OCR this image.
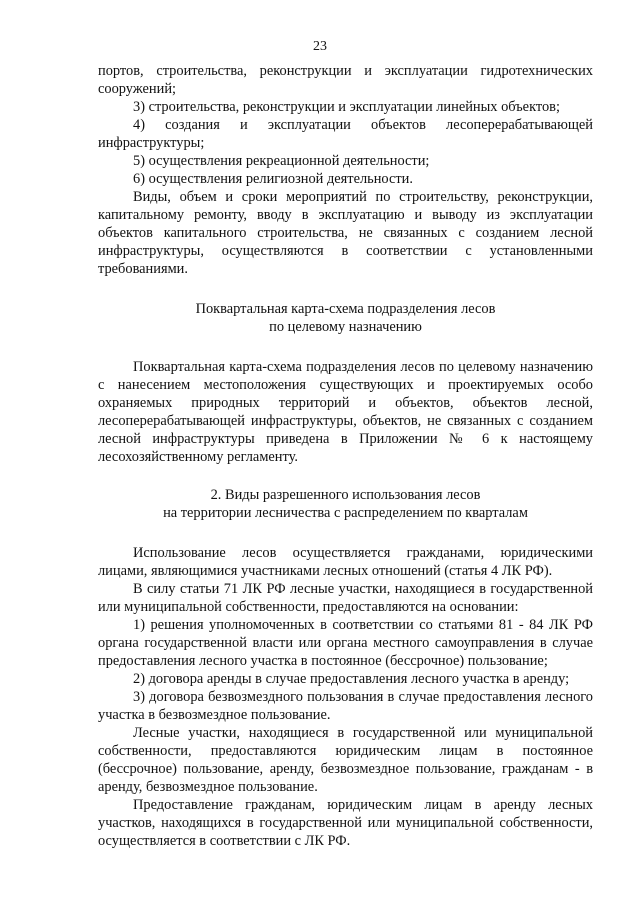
23

портов, строительства, реконструкции и эксплуатации гидротехнических сооружений;

3) строительства, реконструкции и эксплуатации линейных объектов;

4) создания и эксплуатации объектов лесоперерабатывающей инфраструктуры;

5) осуществления рекреационной деятельности;

6) осуществления религиозной деятельности.

Виды, объем и сроки мероприятий по строительству, реконструкции, капитальному ремонту, вводу в эксплуатацию и выводу из эксплуатации объектов капитального строительства, не связанных с созданием лесной инфраструктуры, осуществляются в соответствии с установленными требованиями.

Поквартальная карта-схема подразделения лесов

по целевому назначению

Поквартальная карта-схема подразделения лесов по целевому назначению с нанесением местоположения существующих и проектируемых особо охраняемых природных территорий и объектов, объектов лесной, лесоперерабатывающей инфраструктуры, объектов, не связанных с созданием лесной инфраструктуры приведена в Приложении № 6 к настоящему лесохозяйственному регламенту.

2. Виды разрешенного использования лесов

на территории лесничества с распределением по кварталам

Использование лесов осуществляется гражданами, юридическими лицами, являющимися участниками лесных отношений (статья 4 ЛК РФ).

В силу статьи 71 ЛК РФ лесные участки, находящиеся в государственной или муниципальной собственности, предоставляются на основании:

1) решения уполномоченных в соответствии со статьями 81 - 84 ЛК РФ органа государственной власти или органа местного самоуправления в случае предоставления лесного участка в постоянное (бессрочное) пользование;

2) договора аренды в случае предоставления лесного участка в аренду;

3) договора безвозмездного пользования в случае предоставления лесного участка в безвозмездное пользование.

Лесные участки, находящиеся в государственной или муниципальной собственности, предоставляются юридическим лицам в постоянное (бессрочное) пользование, аренду, безвозмездное пользование, гражданам - в аренду, безвозмездное пользование.

Предоставление гражданам, юридическим лицам в аренду лесных участков, находящихся в государственной или муниципальной собственности, осуществляется в соответствии с ЛК РФ.
